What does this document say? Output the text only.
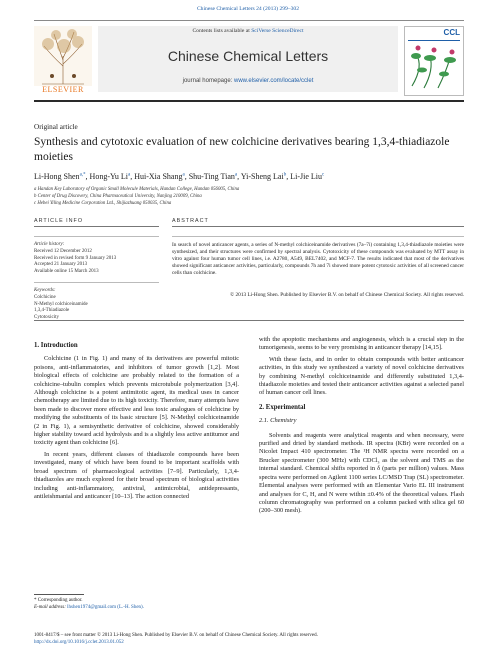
Chinese Chemical Letters 24 (2013) 299–302
ELSEVIER
Contents lists available at SciVerse ScienceDirect
Chinese Chemical Letters
journal homepage: www.elsevier.com/locate/cclet
CCL
Original article
Synthesis and cytotoxic evaluation of new colchicine derivatives bearing 1,3,4-thiadiazole moieties
Li-Hong Shen$^{a,*}$, Hong-Yu Li$^a$, Hui-Xia Shang$^a$, Shu-Ting Tian$^a$, Yi-Sheng Lai$^b$, Li-Jie Liu$^c$
a Handan Key Laboratory of Organic Small Molecule Materials, Handan College, Handan 056005, China
b Center of Drug Discovery, China Pharmaceutical University, Nanjing 210009, China
c Hebei Yiling Medicine Corporation Ltd., Shijiazhuang 050035, China
ARTICLE INFO	ABSTRACT
Article history:
Received 12 December 2012
Received in revised form 9 January 2013
Accepted 21 January 2013
Available online 15 March 2013
Keywords:
Colchicine
N-Methyl colchiceinamide
1,3,4-Thiadiazole
Cytotoxicity
In search of novel anticancer agents, a series of N-methyl colchiceinamide derivatives (7a–7i) containing 1,3,4-thiadiazole moieties were synthesized, and their structures were confirmed by spectral analysis. Cytotoxicity of these compounds was evaluated by MTT assay in vitro against four human tumor cell lines, i.e. A2780, A549, BEL7402, and MCF-7. The results indicated that most of the derivatives showed significant anticancer activities, particularly, compounds 7h and 7i showed more potent cytotoxic activities of all screened cancer cells than colchicine.
© 2013 Li-Hong Shen. Published by Elsevier B.V. on behalf of Chinese Chemical Society. All rights reserved.
1. Introduction

Colchicine (1 in Fig. 1) and many of its derivatives are powerful mitotic poisons, anti-inflammatories, and inhibitors of tumor growth [1,2]. Most biological effects of colchicine are probably related to the formation of a colchicine–tubulin complex which prevents microtubule polymerization [3,4]. Although colchicine is a potent antimitotic agent, its medical uses in cancer chemotherapy are limited due to its high toxicity. Therefore, many attempts have been made to discover more effective and less toxic analogues of colchicine by modifying the substituents of its basic structure [5]. N-Methyl colchiceinamide (2 in Fig. 1), a semisynthetic derivative of colchicine, showed considerably higher stability toward acid hydrolysis and is a slightly less active antitumor and toxicity agent than colchicine [6].

In recent years, different classes of thiadiazole compounds have been investigated, many of which have been found to be important scaffolds with broad spectrum of pharmacological activities [7–9]. Particularly, 1,3,4-thiadiazoles are much explored for their broad spectrum of biological activities including anti-inflammatory, antiviral, antimicrobial, antidepressants, antileishmanial and anticancer [10–13]. The action connected

with the apoptotic mechanisms and angiogenesis, which is a crucial step in the tumorigenesis, seems to be very promising in anticancer therapy [14,15].

With these facts, and in order to obtain compounds with better anticancer activities, in this study we synthesized a variety of novel colchicine derivatives by combining N-methyl colchiceinamide and differently substituted 1,3,4-thiadiazole moieties and tested their anticancer activities against a selected panel of human cancer cell lines.

2. Experimental
2.1. Chemistry

Solvents and reagents were analytical reagents and when necessary, were purified and dried by standard methods. IR spectra (KBr) were recorded on a Nicolet Impact 410 spectrometer. The ¹H NMR spectra were recorded on a Brucker spectrometer (300 MHz) with CDCl₃ as the solvent and TMS as the internal standard. Chemical shifts reported in δ (parts per million) values. Mass spectra were performed on Agilent 1100 series LC/MSD Trap (SL) spectrometer. Elemental analyses were performed with an Elementar Vario EL III instrument and analyses for C, H, and N were within ±0.4% of the theoretical values. Flash column chromatography was performed on a column packed with silica gel 60 (200–300 mesh).

* Corresponding author.
E-mail address: lhshen1974@gmail.com (L.-H. Shen).
1001-8417/$ – see front matter © 2013 Li-Hong Shen. Published by Elsevier B.V. on behalf of Chinese Chemical Society. All rights reserved.
http://dx.doi.org/10.1016/j.cclet.2013.01.052
